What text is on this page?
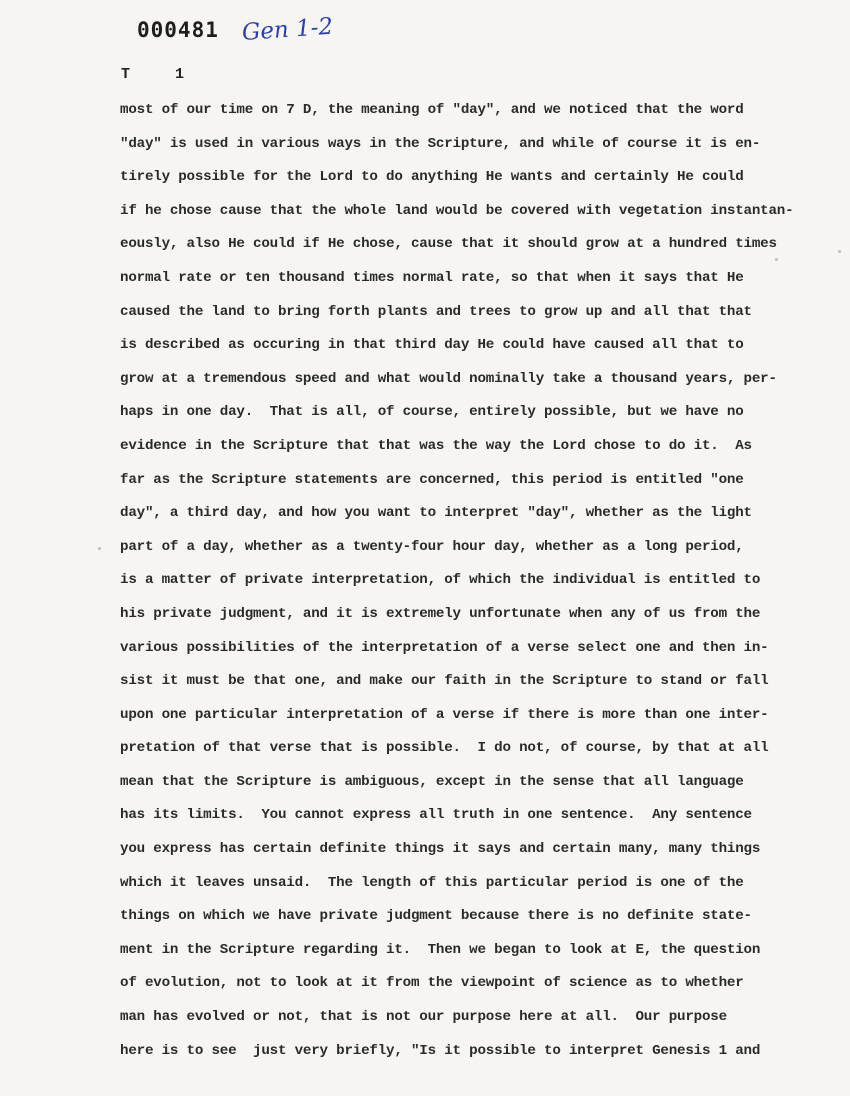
000481 Gen 1-2
T     1
most of our time on 7 D, the meaning of "day", and we noticed that the word
"day" is used in various ways in the Scripture, and while of course it is en-
tirely possible for the Lord to do anything He wants and certainly He could
if he chose cause that the whole land would be covered with vegetation instantan-
eously, also He could if He chose, cause that it should grow at a hundred times
normal rate or ten thousand times normal rate, so that when it says that He
caused the land to bring forth plants and trees to grow up and all that that
is described as occuring in that third day He could have caused all that to
grow at a tremendous speed and what would nominally take a thousand years, per-
haps in one day.  That is all, of course, entirely possible, but we have no
evidence in the Scripture that that was the way the Lord chose to do it.  As
far as the Scripture statements are concerned, this period is entitled "one
day", a third day, and how you want to interpret "day", whether as the light
part of a day, whether as a twenty-four hour day, whether as a long period,
is a matter of private interpretation, of which the individual is entitled to
his private judgment, and it is extremely unfortunate when any of us from the
various possibilities of the interpretation of a verse select one and then in-
sist it must be that one, and make our faith in the Scripture to stand or fall
upon one particular interpretation of a verse if there is more than one inter-
pretation of that verse that is possible.  I do not, of course, by that at all
mean that the Scripture is ambiguous, except in the sense that all language
has its limits.  You cannot express all truth in one sentence.  Any sentence
you express has certain definite things it says and certain many, many things
which it leaves unsaid.  The length of this particular period is one of the
things on which we have private judgment because there is no definite state-
ment in the Scripture regarding it.  Then we began to look at E, the question
of evolution, not to look at it from the viewpoint of science as to whether
man has evolved or not, that is not our purpose here at all.  Our purpose
here is to see  just very briefly, "Is it possible to interpret Genesis 1 and
